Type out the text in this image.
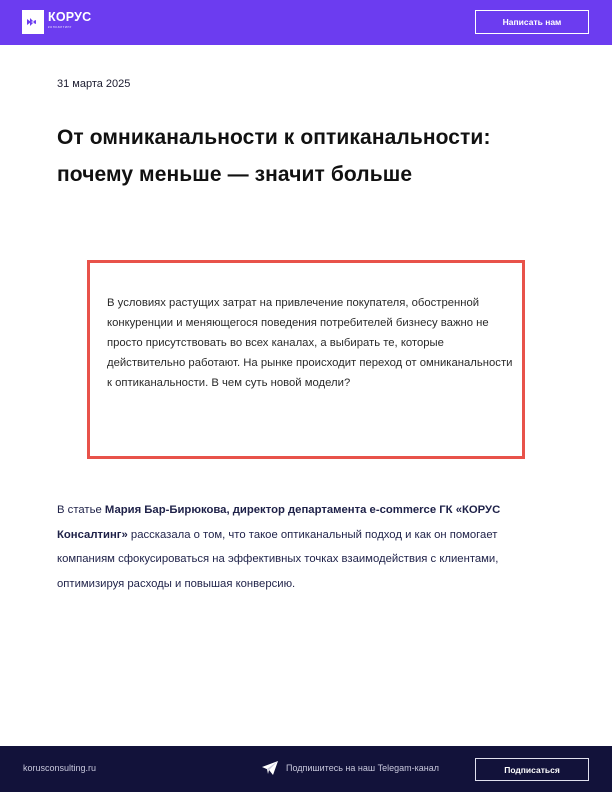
КОРУС
консалтинг	Написать нам
31 марта 2025
От омниканальности к оптиканальности: почему меньше — значит больше

В условиях растущих затрат на привлечение покупателя, обостренной конкуренции и меняющегося поведения потребителей бизнесу важно не просто присутствовать во всех каналах, а выбирать те, которые действительно работают. На рынке происходит переход от омниканальности к оптиканальности. В чем суть новой модели?

В статье Мария Бар-Бирюкова, директор департамента e-commerce ГК «КОРУС Консалтинг» рассказала о том, что такое оптиканальный подход и как он помогает компаниям сфокусироваться на эффективных точках взаимодействия с клиентами, оптимизируя расходы и повышая конверсию.

korusconsulting.ru	Подпишитесь на наш Telegam-канал	Подписаться
